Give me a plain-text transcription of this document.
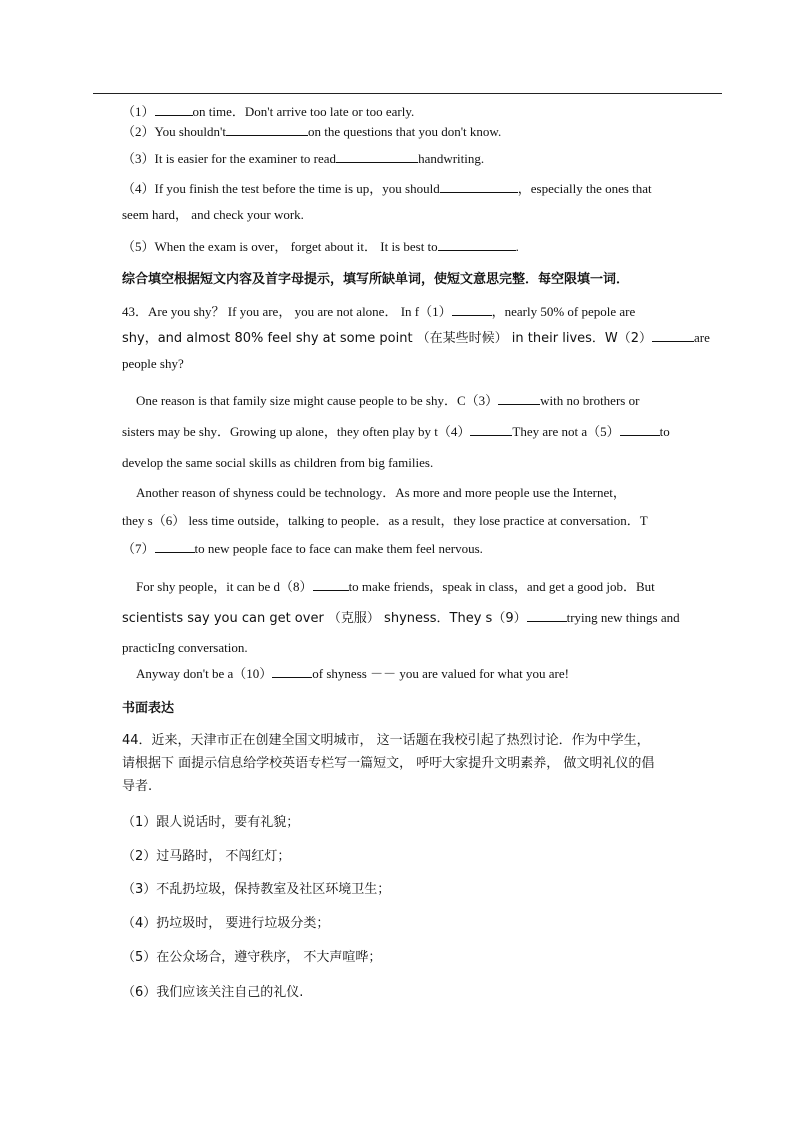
（1）	on time．Don't arrive too late or too early.
（2）You shouldn't	on the questions that you don't know.
（3）It is easier for the examiner to read	handwriting.
（4）If you finish the test before the time is up，you should	，especially the ones that
seem hard， and check your work.
（5）When the exam is over， forget about it． It is best to	.
综合填空根据短文内容及首字母提示，填写所缺单词，使短文意思完整．每空限填一词．
43．Are you shy？ If you are， you are not alone． In f（1）	，nearly 50% of pepole are
shy，and almost 80% feel shy at some point （在某些时候） in their lives．W（2）	are
people shy?
One reason is that family size might cause people to be shy．C（3）	with no brothers or
sisters may be shy．Growing up alone，they often play by t（4）	They are not a（5）	to
develop the same social skills as children from big families.
Another reason of shyness could be technology．As more and more people use the Internet，
they s（6） less time outside，talking to people．as a result，they lose practice at conversation．T
（7）	to new people face to face can make them feel nervous.
For shy people，it can be d（8）	to make friends，speak in class，and get a good job．But
scientists say you can get over （克服） shyness．They s（9）	trying new things and
practicIng conversation.
Anyway don't be a（10）	of shyness －－ you are valued for what you are!
书面表达
44．近来，天津市正在创建全国文明城市， 这一话题在我校引起了热烈讨论．作为中学生，
请根据下 面提示信息给学校英语专栏写一篇短文， 呼吁大家提升文明素养， 做文明礼仪的倡
导者.
（1）跟人说话时，要有礼貌；
（2）过马路时， 不闯红灯；
（3）不乱扔垃圾，保持教室及社区环境卫生；
（4）扔垃圾时， 要进行垃圾分类；
（5）在公众场合，遵守秩序， 不大声喧哗；
（6）我们应该关注自己的礼仪.
